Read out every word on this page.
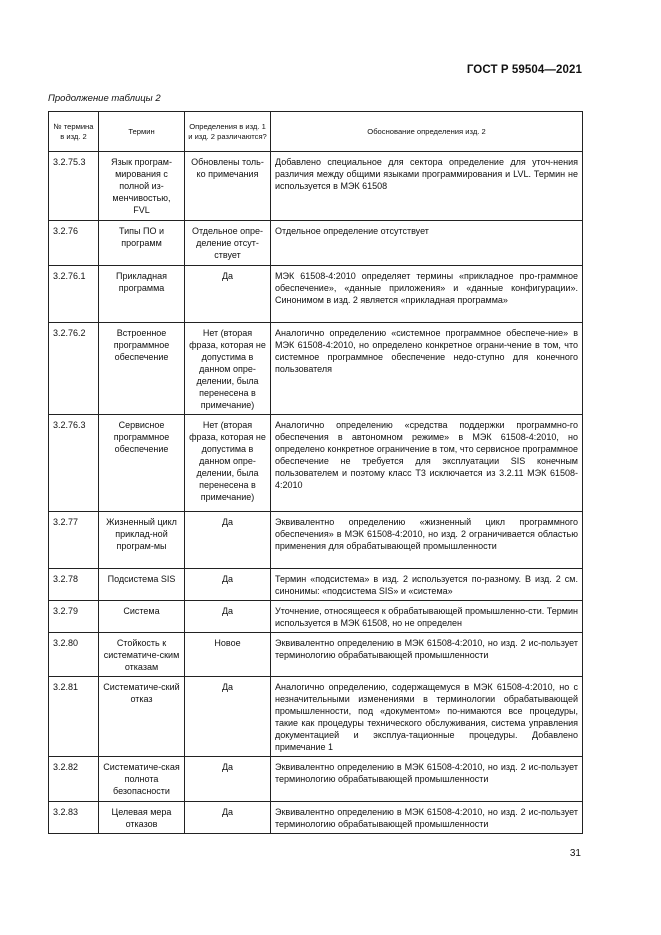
ГОСТ Р 59504—2021
Продолжение таблицы 2
№ термина в изд. 2	Термин	Определения в изд. 1 и изд. 2 различаются?	Обоснование определения изд. 2
3.2.75.3	Язык програм-мирования с полной из-менчивостью, FVL	Обновлены толь-ко примечания	Добавлено специальное для сектора определение для уточ-нения различия между общими языками программирования и LVL. Термин не используется в МЭК 61508
3.2.76	Типы ПО и программ	Отдельное опре-деление отсут-ствует	Отдельное определение отсутствует
3.2.76.1	Прикладная программа	Да	МЭК 61508-4:2010 определяет термины «прикладное про-граммное обеспечение», «данные приложения» и «данные конфигурации». Синонимом в изд. 2 является «прикладная программа»
3.2.76.2	Встроенное программное обеспечение	Нет (вторая фраза, которая не допустима в данном опре-делении, была перенесена в примечание)	Аналогично определению «системное программное обеспече-ние» в МЭК 61508-4:2010, но определено конкретное ограни-чение в том, что системное программное обеспечение недо-ступно для конечного пользователя
3.2.76.3	Сервисное программное обеспечение	Нет (вторая фраза, которая не допустима в данном опре-делении, была перенесена в примечание)	Аналогично определению «средства поддержки программно-го обеспечения в автономном режиме» в МЭК 61508-4:2010, но определено конкретное ограничение в том, что сервисное программное обеспечение не требуется для эксплуатации SIS конечным пользователем и поэтому класс Т3 исключается из 3.2.11 МЭК 61508-4:2010
3.2.77	Жизненный цикл приклад-ной програм-мы	Да	Эквивалентно определению «жизненный цикл программного обеспечения» в МЭК 61508-4:2010, но изд. 2 ограничивается областью применения для обрабатывающей промышленности
3.2.78	Подсистема SIS	Да	Термин «подсистема» в изд. 2 используется по-разному. В изд. 2 см. синонимы: «подсистема SIS» и «система»
3.2.79	Система	Да	Уточнение, относящееся к обрабатывающей промышленно-сти. Термин используется в МЭК 61508, но не определен
3.2.80	Стойкость к систематиче-ским отказам	Новое	Эквивалентно определению в МЭК 61508-4:2010, но изд. 2 ис-пользует терминологию обрабатывающей промышленности
3.2.81	Систематиче-ский отказ	Да	Аналогично определению, содержащемуся в МЭК 61508-4:2010, но с незначительными изменениями в терминологии обрабатывающей промышленности, под «документом» по-нимаются все процедуры, такие как процедуры технического обслуживания, система управления документацией и эксплуа-тационные процедуры. Добавлено примечание 1
3.2.82	Систематиче-ская полнота безопасности	Да	Эквивалентно определению в МЭК 61508-4:2010, но изд. 2 ис-пользует терминологию обрабатывающей промышленности
3.2.83	Целевая мера отказов	Да	Эквивалентно определению в МЭК 61508-4:2010, но изд. 2 ис-пользует терминологию обрабатывающей промышленности
31
